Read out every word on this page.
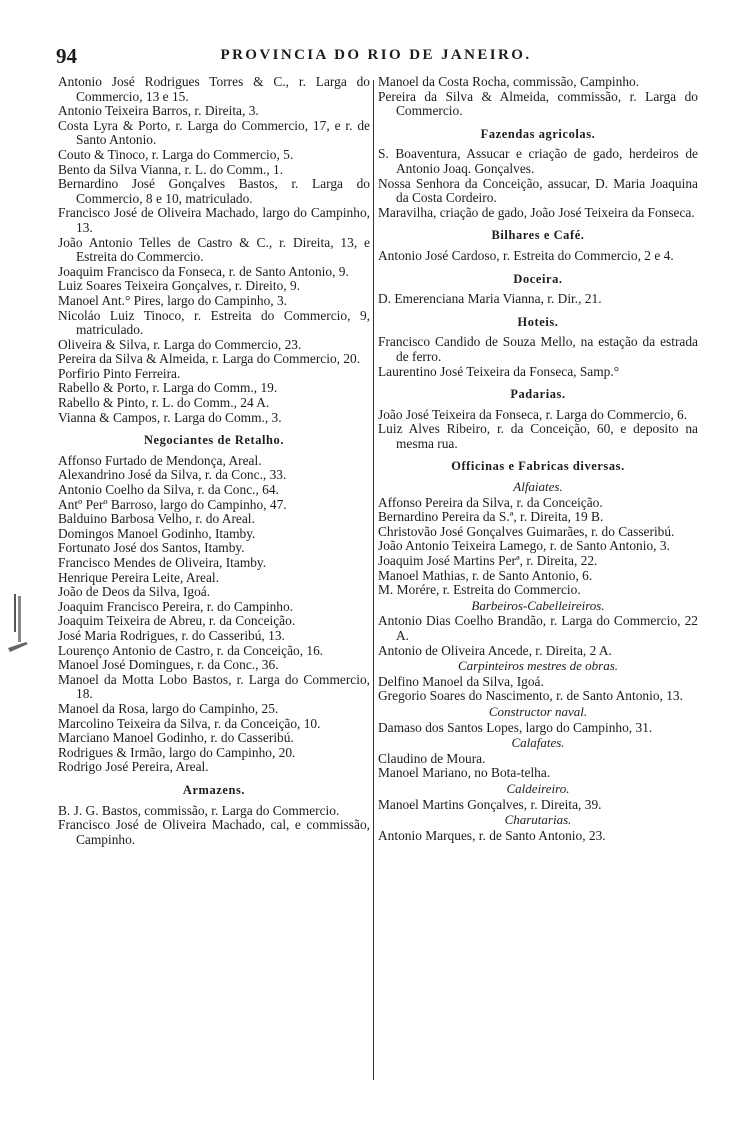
94	PROVINCIA DO RIO DE JANEIRO.

Antonio José Rodrigues Torres & C., r. Larga do Commercio, 13 e 15.

Antonio Teixeira Barros, r. Direita, 3.

Costa Lyra & Porto, r. Larga do Commercio, 17, e r. de Santo Antonio.

Couto & Tinoco, r. Larga do Commercio, 5.

Bento da Silva Vianna, r. L. do Comm., 1.

Bernardino José Gonçalves Bastos, r. Larga do Commercio, 8 e 10, matriculado.

Francisco José de Oliveira Machado, largo do Campinho, 13.

João Antonio Telles de Castro & C., r. Direita, 13, e Estreita do Commercio.

Joaquim Francisco da Fonseca, r. de Santo Antonio, 9.

Luiz Soares Teixeira Gonçalves, r. Direito, 9.

Manoel Ant.° Pires, largo do Campinho, 3.

Nicoláo Luiz Tinoco, r. Estreita do Commercio, 9, matriculado.

Oliveira & Silva, r. Larga do Commercio, 23.

Pereira da Silva & Almeida, r. Larga do Commercio, 20.

Porfirio Pinto Ferreira.

Rabello & Porto, r. Larga do Comm., 19.

Rabello & Pinto, r. L. do Comm., 24 A.

Vianna & Campos, r. Larga do Comm., 3.

Negociantes de Retalho.

Affonso Furtado de Mendonça, Areal.

Alexandrino José da Silva, r. da Conc., 33.

Antonio Coelho da Silva, r. da Conc., 64.

Antº Perº Barroso, largo do Campinho, 47.

Balduino Barbosa Velho, r. do Areal.

Domingos Manoel Godinho, Itamby.

Fortunato José dos Santos, Itamby.

Francisco Mendes de Oliveira, Itamby.

Henrique Pereira Leite, Areal.

João de Deos da Silva, Igoá.

Joaquim Francisco Pereira, r. do Campinho.

Joaquim Teixeira de Abreu, r. da Conceição.

José Maria Rodrigues, r. do Casseribú, 13.

Lourenço Antonio de Castro, r. da Conceição, 16.

Manoel José Domingues, r. da Conc., 36.

Manoel da Motta Lobo Bastos, r. Larga do Commercio, 18.

Manoel da Rosa, largo do Campinho, 25.

Marcolino Teixeira da Silva, r. da Conceição, 10.

Marciano Manoel Godinho, r. do Casseribú.

Rodrigues & Irmão, largo do Campinho, 20.

Rodrigo José Pereira, Areal.

Armazens.

B. J. G. Bastos, commissão, r. Larga do Commercio.

Francisco José de Oliveira Machado, cal, e commissão, Campinho.

Manoel da Costa Rocha, commissão, Campinho.

Pereira da Silva & Almeida, commissão, r. Larga do Commercio.

Fazendas agricolas.

S. Boaventura, Assucar e criação de gado, herdeiros de Antonio Joaq. Gonçalves.

Nossa Senhora da Conceição, assucar, D. Maria Joaquina da Costa Cordeiro.

Maravilha, criação de gado, João José Teixeira da Fonseca.

Bilhares e Café.

Antonio José Cardoso, r. Estreita do Commercio, 2 e 4.

Doceira.

D. Emerenciana Maria Vianna, r. Dir., 21.

Hoteis.

Francisco Candido de Souza Mello, na estação da estrada de ferro.

Laurentino José Teixeira da Fonseca, Samp.°

Padarias.

João José Teixeira da Fonseca, r. Larga do Commercio, 6.

Luiz Alves Ribeiro, r. da Conceição, 60, e deposito na mesma rua.

Officinas e Fabricas diversas.
Alfaiates.

Affonso Pereira da Silva, r. da Conceição.

Bernardino Pereira da S.ª, r. Direita, 19 B.

Christovão José Gonçalves Guimarães, r. do Casseribú.

João Antonio Teixeira Lamego, r. de Santo Antonio, 3.

Joaquim José Martins Perª, r. Direita, 22.

Manoel Mathias, r. de Santo Antonio, 6.

M. Morére, r. Estreita do Commercio.

Barbeiros-Cabelleireiros.

Antonio Dias Coelho Brandão, r. Larga do Commercio, 22 A.

Antonio de Oliveira Ancede, r. Direita, 2 A.

Carpinteiros mestres de obras.

Delfino Manoel da Silva, Igoá.

Gregorio Soares do Nascimento, r. de Santo Antonio, 13.

Constructor naval.

Damaso dos Santos Lopes, largo do Campinho, 31.

Calafates.

Claudino de Moura.

Manoel Mariano, no Bota-telha.

Caldeireiro.

Manoel Martins Gonçalves, r. Direita, 39.

Charutarias.

Antonio Marques, r. de Santo Antonio, 23.
